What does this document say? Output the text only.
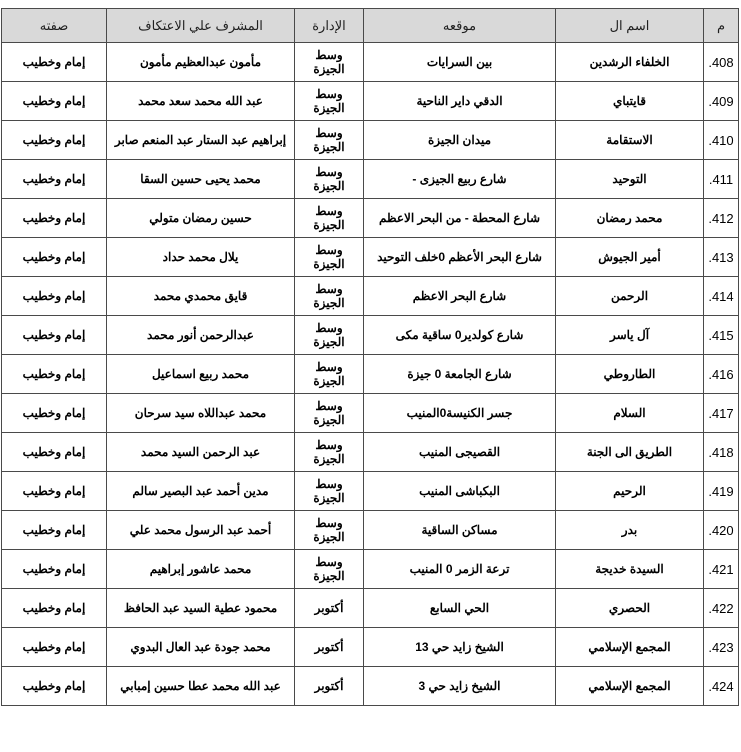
م	اسم ال	موقعه	الإدارة	المشرف علي الاعتكاف	صفته
408.	الخلفاء الرشدين	بين السرايات	وسط الجيزة	مأمون عبدالعظيم مأمون	إمام وخطيب
409.	قايتباي	الدقي داير الناحية	وسط الجيزة	عبد الله محمد سعد محمد	إمام وخطيب
410.	الاستقامة	ميدان الجيزة	وسط الجيزة	إبراهيم عبد الستار عبد المنعم صابر	إمام وخطيب
411.	التوحيد	شارع ربيع الجيزى -	وسط الجيزة	محمد يحيى حسين السقا	إمام وخطيب
412.	محمد رمضان	شارع المحطة - من البحر الاعظم	وسط الجيزة	حسين رمضان متولي	إمام وخطيب
413.	أمير الجيوش	شارع البحر الأعظم 0خلف التوحيد	وسط الجيزة	يلال محمد حداد	إمام وخطيب
414.	الرحمن	شارع البحر الاعظم	وسط الجيزة	قايق محمدي محمد	إمام وخطيب
415.	آل ياسر	شارع كولدير0 ساقية مكى	وسط الجيزة	عبدالرحمن أنور محمد	إمام وخطيب
416.	الطاروطي	شارع الجامعة 0 جيزة	وسط الجيزة	محمد ربيع اسماعيل	إمام وخطيب
417.	السلام	جسر الكنيسة0المنيب	وسط الجيزة	محمد عبداللاه سيد سرحان	إمام وخطيب
418.	الطريق الى الجنة	القصيجى المنيب	وسط الجيزة	عبد الرحمن السيد محمد	إمام وخطيب
419.	الرحيم	البكباشى المنيب	وسط الجيزة	مدين أحمد عبد البصير سالم	إمام وخطيب
420.	بدر	مساكن الساقية	وسط الجيزة	أحمد عبد الرسول محمد علي	إمام وخطيب
421.	السيدة خديجة	ترعة الزمر 0 المنيب	وسط الجيزة	محمد عاشور إبراهيم	إمام وخطيب
422.	الحصري	الحي السابع	أكتوبر	محمود عطية السيد عبد الحافظ	إمام وخطيب
423.	المجمع الإسلامي	الشيخ زايد حي 13	أكتوبر	محمد جودة عبد العال البدوي	إمام وخطيب
424.	المجمع الإسلامي	الشيخ زايد حي 3	أكتوبر	عبد الله محمد عطا حسين إمبابي	إمام وخطيب
